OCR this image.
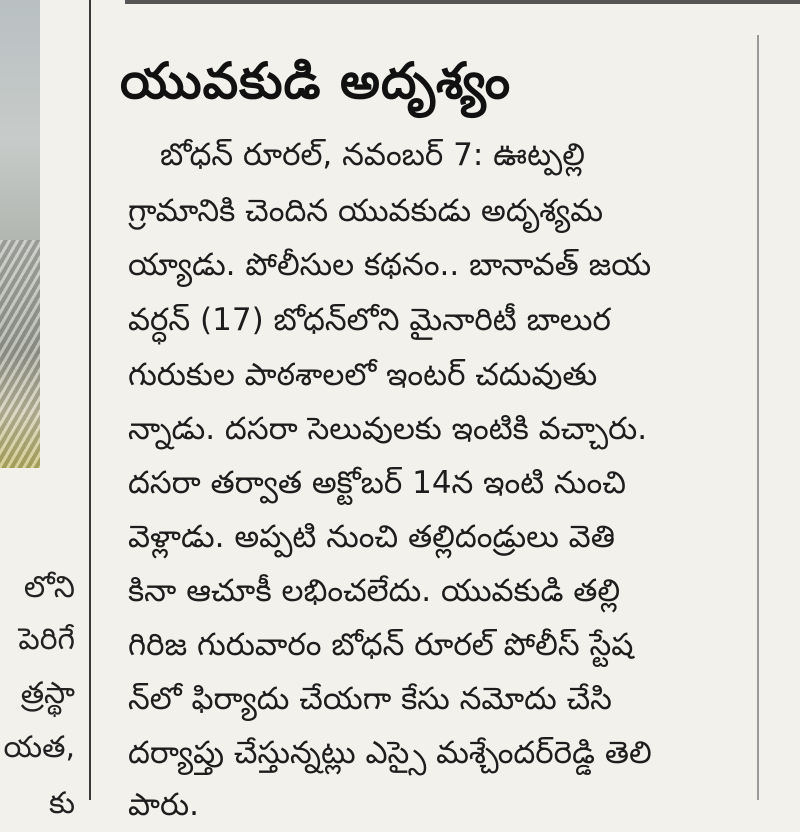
లోని
పెరిగే
త్రస్థా
యత,
కు
యువకుడి అదృశ్యం
బోధన్ రూరల్, నవంబర్ 7: ఊట్పల్లి
గ్రామానికి చెందిన యువకుడు అదృశ్యమ
య్యాడు. పోలీసుల కథనం.. బానావత్ జయ
వర్ధన్ (17) బోధన్‌లోని మైనారిటీ బాలుర
గురుకుల పాఠశాలలో ఇంటర్ చదువుతు
న్నాడు. దసరా సెలువులకు ఇంటికి వచ్చారు.
దసరా తర్వాత అక్టోబర్ 14న ఇంటి నుంచి
వెళ్లాడు. అప్పటి నుంచి తల్లిదండ్రులు వెతి
కినా ఆచూకీ లభించలేదు. యువకుడి తల్లి
గిరిజ గురువారం బోధన్ రూరల్ పోలీస్ స్టేష
న్‌లో ఫిర్యాదు చేయగా కేసు నమోదు చేసి
దర్యాప్తు చేస్తున్నట్లు ఎస్సై మశ్చేందర్‌రెడ్డి తెలి
పారు.
